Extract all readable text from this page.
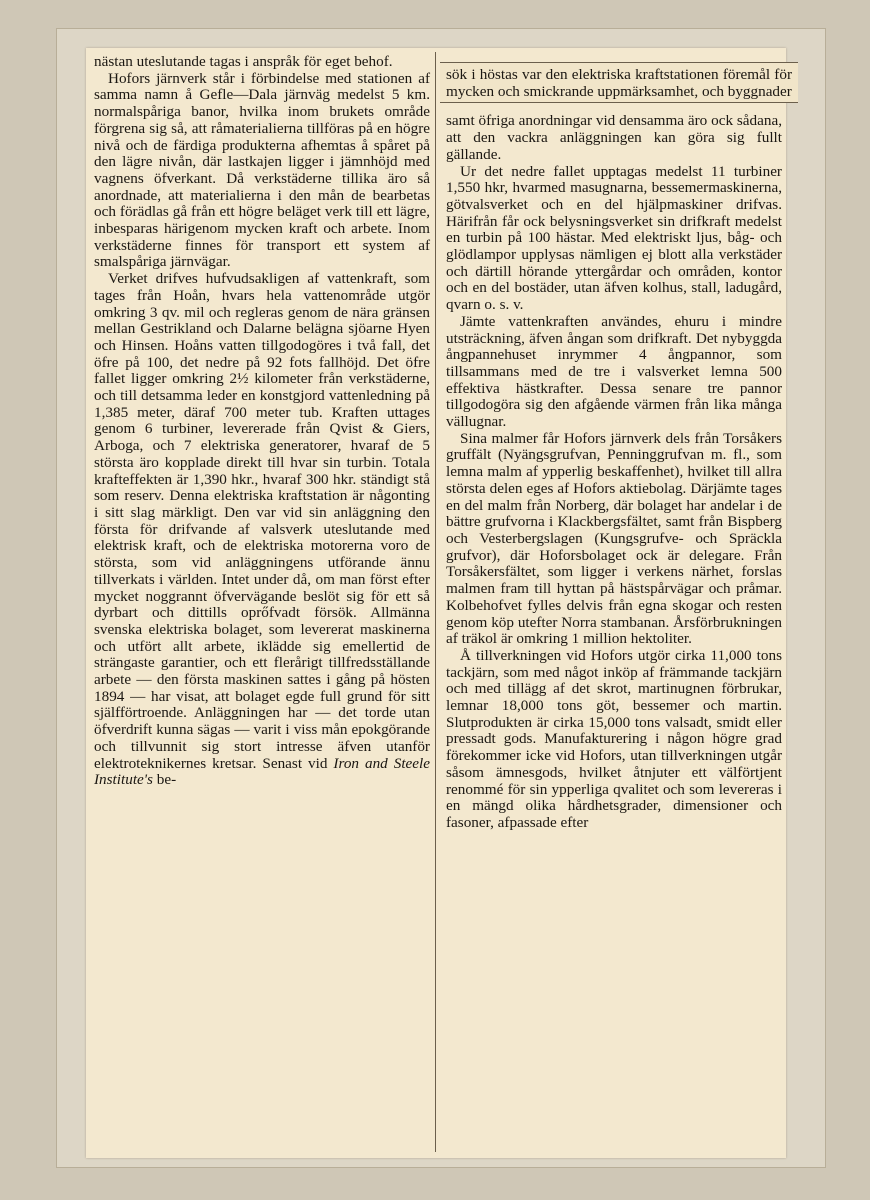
nästan uteslutande tagas i anspråk för eget behof.

Hofors järnverk står i förbindelse med stationen af samma namn å Gefle—Dala järnväg medelst 5 km. normalspåriga banor, hvilka inom brukets område förgrena sig så, att råmaterialierna tillföras på en högre nivå och de färdiga produkterna afhemtas å spåret på den lägre nivån, där lastkajen ligger i jämnhöjd med vagnens öfverkant. Då verkstäderne tillika äro så anordnade, att materialierna i den mån de bearbetas och förädlas gå från ett högre beläget verk till ett lägre, inbesparas härigenom mycken kraft och arbete. Inom verkstäderne finnes för transport ett system af smalspåriga järnvägar.

Verket drifves hufvudsakligen af vattenkraft, som tages från Hoån, hvars hela vattenområde utgör omkring 3 qv. mil och regleras genom de nära gränsen mellan Gestrikland och Dalarne belägna sjöarne Hyen och Hinsen. Hoåns vatten tillgodogöres i två fall, det öfre på 100, det nedre på 92 fots fallhöjd. Det öfre fallet ligger omkring 2½ kilometer från verkstäderne, och till detsamma leder en konstgjord vattenledning på 1,385 meter, däraf 700 meter tub. Kraften uttages genom 6 turbiner, levererade från Qvist & Giers, Arboga, och 7 elektriska generatorer, hvaraf de 5 största äro kopplade direkt till hvar sin turbin. Totala krafteffekten är 1,390 hkr., hvaraf 300 hkr. ständigt stå som reserv. Denna elektriska kraftstation är någonting i sitt slag märkligt. Den var vid sin anläggning den första för drifvande af valsverk uteslutande med elektrisk kraft, och de elektriska motorerna voro de största, som vid anläggningens utförande ännu tillverkats i världen. Intet under då, om man först efter mycket noggrannt öfvervägande beslöt sig för ett så dyrbart och dittills oprőfvadt försök. Allmänna svenska elektriska bolaget, som levererat maskinerna och utfört allt arbete, ikläddе sig emellertid de strängaste garantier, och ett flerårigt tillfredsställande arbete — den första maskinen sattes i gång på hösten 1894 — har visat, att bolaget egde full grund för sitt själfförtroende. Anläggningen har — det torde utan öfverdrift kunna sägas — varit i viss mån epokgörande och tillvunnit sig stort intresse äfven utanför elektroteknikernes kretsar. Senast vid Iron and Steele Institute's be-

sök i höstas var den elektriska kraftstationen föremål för mycken och smickrande uppmärksamhet, och byggnader

samt öfriga anordningar vid densamma äro ock sådana, att den vackra anläggningen kan göra sig fullt gällande.

Ur det nedre fallet upptagas medelst 11 turbiner 1,550 hkr, hvarmed masugnarna, bessemermaskinerna, götvalsverket och en del hjälpmaskiner drifvas. Härifrån får ock belysningsverket sin drifkraft medelst en turbin på 100 hästar. Med elektriskt ljus, båg- och glödlampor upplysas nämligen ej blott alla verkstäder och därtill hörande yttergårdar och områden, kontor och en del bostäder, utan äfven kolhus, stall, ladugård, qvarn o. s. v.

Jämte vattenkraften användes, ehuru i mindre utsträckning, äfven ångan som drifkraft. Det nybyggda ångpannehuset inrymmer 4 ångpannor, som tillsammans med de tre i valsverket lemna 500 effektiva hästkrafter. Dessa senare tre pannor tillgodogöra sig den afgående värmen från lika många vällugnar.

Sina malmer får Hofors järnverk dels från Torsåkers gruffält (Nyängsgrufvan, Penninggrufvan m. fl., som lemna malm af ypperlig beskaffenhet), hvilket till allra största delen eges af Hofors aktiebolag. Därjämte tages en del malm från Norberg, där bolaget har andelar i de bättre grufvorna i Klackbergsfältet, samt från Bispberg och Vesterbergslagen (Kungsgrufve- och Spräckla grufvor), där Hoforsbolaget ock är delegare. Från Torsåkersfältet, som ligger i verkens närhet, forslas malmen fram till hyttan på hästspårvägar och pråmar. Kolbehofvet fylles delvis från egna skogar och resten genom köp utefter Norra stambanan. Årsförbrukningen af träkol är omkring 1 million hektoliter.

Å tillverkningen vid Hofors utgör cirka 11,000 tons tackjärn, som med något inköp af främmande tackjärn och med tillägg af det skrot, martinugnen förbrukar, lemnar 18,000 tons göt, bessemer och martin. Slutprodukten är cirka 15,000 tons valsadt, smidt eller pressadt gods. Manufakturering i någon högre grad förekommer icke vid Hofors, utan tillverkningen utgår såsom ämnesgods, hvilket åtnjuter ett välförtjent renommé för sin ypperliga qvalitet och som levereras i en mängd olika hårdhetsgrader, dimensioner och fasoner, afpassade efter
